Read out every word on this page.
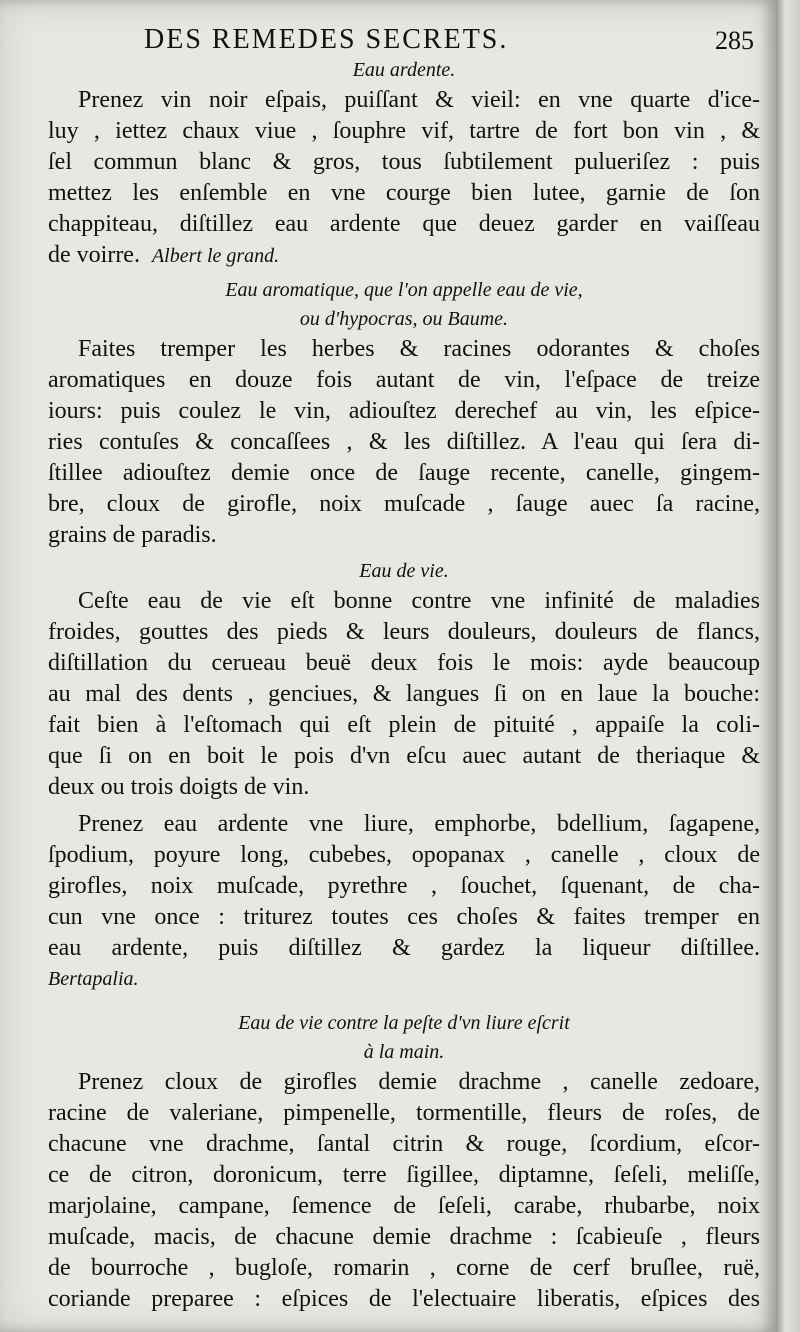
DES REMEDES SECRETS.	285
Eau ardente.
Prenez vin noir eſpais, puiſſant & vieil: en vne quarte d'ice-
luy , iettez chaux viue , ſouphre vif, tartre de fort bon vin , &
ſel commun blanc & gros, tous ſubtilement pulueriſez : puis
mettez les enſemble en vne courge bien lutee, garnie de ſon
chappiteau, diſtillez eau ardente que deuez garder en vaiſſeau
de voirre. Albert le grand.
Eau aromatique, que l'on appelle eau de vie,
ou d'hypocras, ou Baume.
Faites tremper les herbes & racines odorantes & choſes
aromatiques en douze fois autant de vin, l'eſpace de treize
iours: puis coulez le vin, adiouſtez derechef au vin, les eſpice-
ries contuſes & concaſſees , & les diſtillez. A l'eau qui ſera di-
ſtillee adiouſtez demie once de ſauge recente, canelle, gingem-
bre, cloux de girofle, noix muſcade , ſauge auec ſa racine,
grains de paradis.
Eau de vie.
Ceſte eau de vie eſt bonne contre vne infinité de maladies
froides, gouttes des pieds & leurs douleurs, douleurs de flancs,
diſtillation du cerueau beuë deux fois le mois: ayde beaucoup
au mal des dents , genciues, & langues ſi on en laue la bouche:
fait bien à l'eſtomach qui eſt plein de pituité , appaiſe la coli-
que ſi on en boit le pois d'vn eſcu auec autant de theriaque &
deux ou trois doigts de vin.
Prenez eau ardente vne liure, emphorbe, bdellium, ſagapene,
ſpodium, poyure long, cubebes, opopanax , canelle , cloux de
girofles, noix muſcade, pyrethre , ſouchet, ſquenant, de cha-
cun vne once : triturez toutes ces choſes & faites tremper en
eau ardente, puis diſtillez & gardez la liqueur diſtillee.
Bertapalia.
Eau de vie contre la peſte d'vn liure eſcrit
à la main.
Prenez cloux de girofles demie drachme , canelle zedoare,
racine de valeriane, pimpenelle, tormentille, fleurs de roſes, de
chacune vne drachme, ſantal citrin & rouge, ſcordium, eſcor-
ce de citron, doronicum, terre ſigillee, diptamne, ſeſeli, meliſſe,
marjolaine, campane, ſemence de ſeſeli, carabe, rhubarbe, noix
muſcade, macis, de chacune demie drachme : ſcabieuſe , fleurs
de bourroche , bugloſe, romarin , corne de cerf bruſlee, ruë,
coriande preparee : eſpices de l'electuaire liberatis, eſpices des
